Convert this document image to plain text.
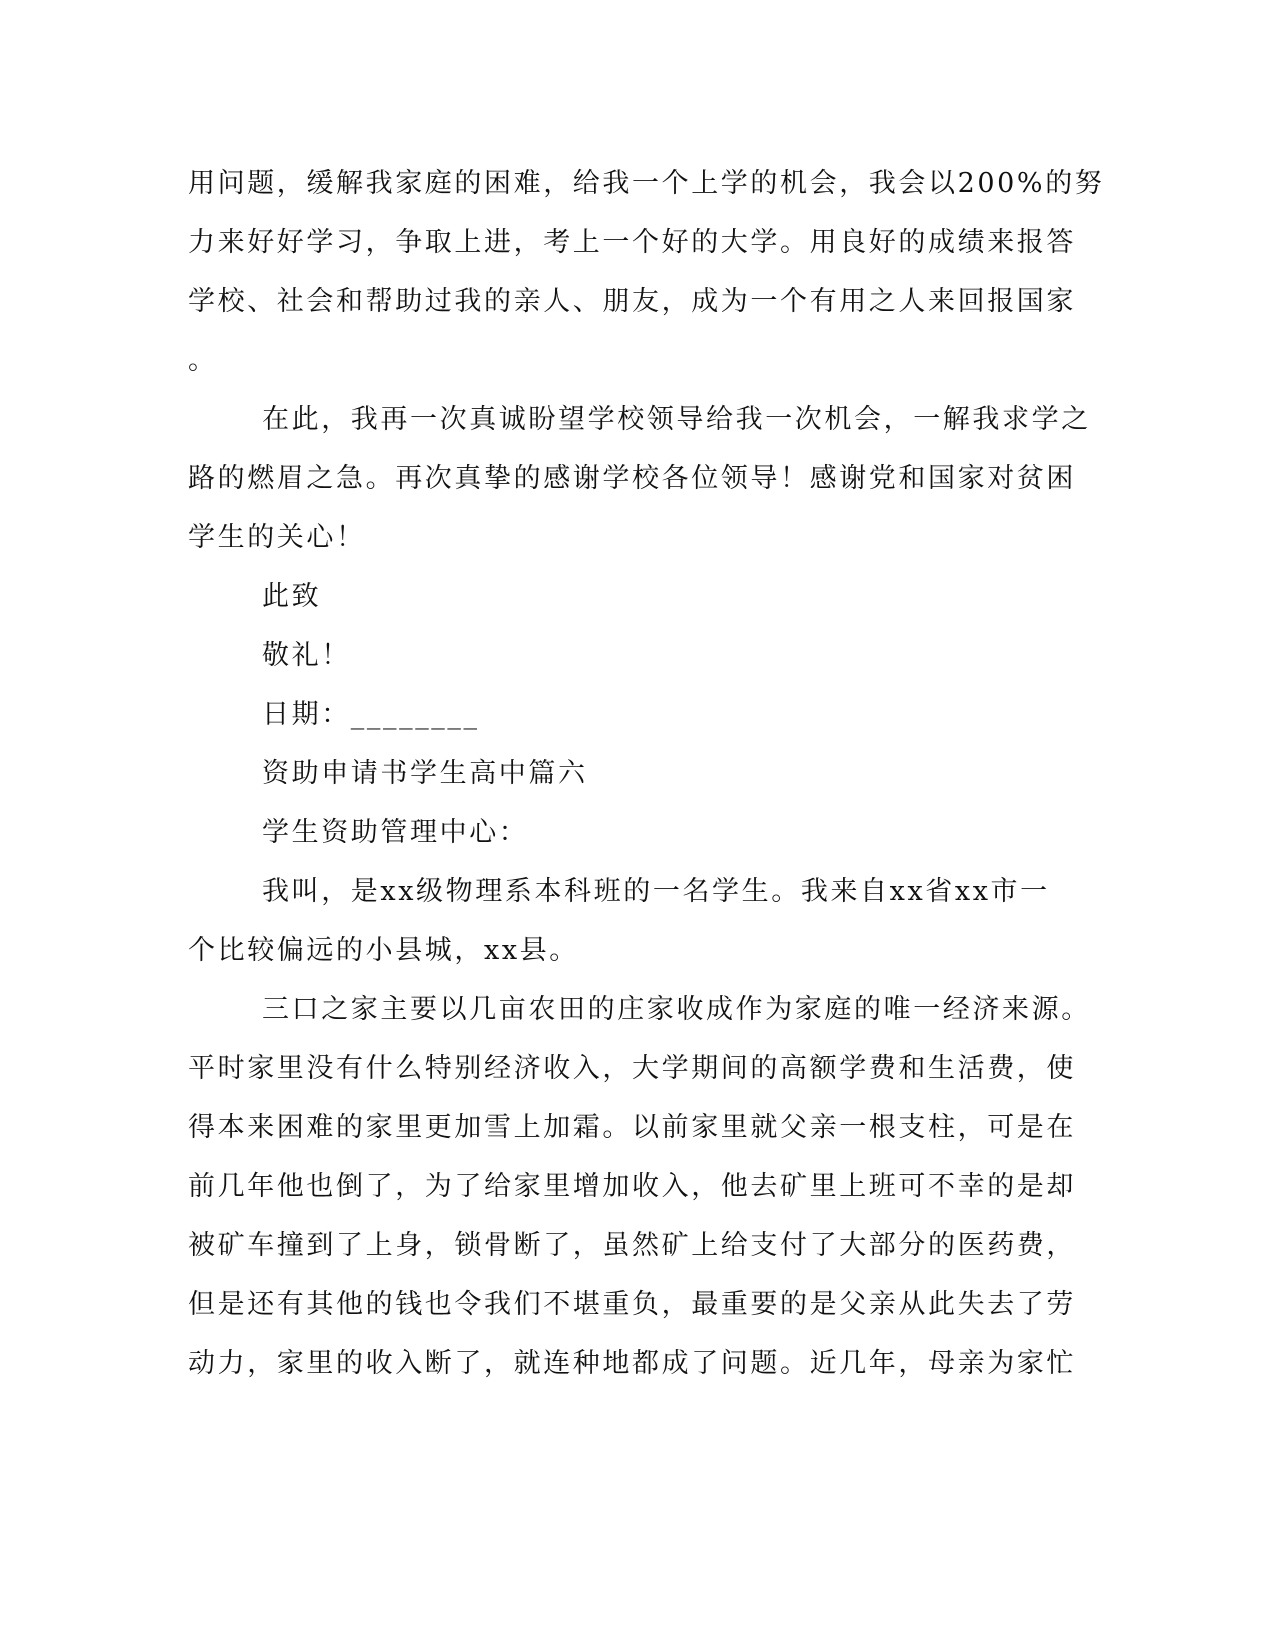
用问题，缓解我家庭的困难，给我一个上学的机会，我会以200%的努
力来好好学习，争取上进，考上一个好的大学。用良好的成绩来报答
学校、社会和帮助过我的亲人、朋友，成为一个有用之人来回报国家
。
在此，我再一次真诚盼望学校领导给我一次机会，一解我求学之
路的燃眉之急。再次真挚的感谢学校各位领导！感谢党和国家对贫困
学生的关心！
此致
敬礼！
日期：________
资助申请书学生高中篇六
学生资助管理中心：
我叫，是xx级物理系本科班的一名学生。我来自xx省xx市一
个比较偏远的小县城，xx县。
三口之家主要以几亩农田的庄家收成作为家庭的唯一经济来源。
平时家里没有什么特别经济收入，大学期间的高额学费和生活费，使
得本来困难的家里更加雪上加霜。以前家里就父亲一根支柱，可是在
前几年他也倒了，为了给家里增加收入，他去矿里上班可不幸的是却
被矿车撞到了上身，锁骨断了，虽然矿上给支付了大部分的医药费，
但是还有其他的钱也令我们不堪重负，最重要的是父亲从此失去了劳
动力，家里的收入断了，就连种地都成了问题。近几年，母亲为家忙
